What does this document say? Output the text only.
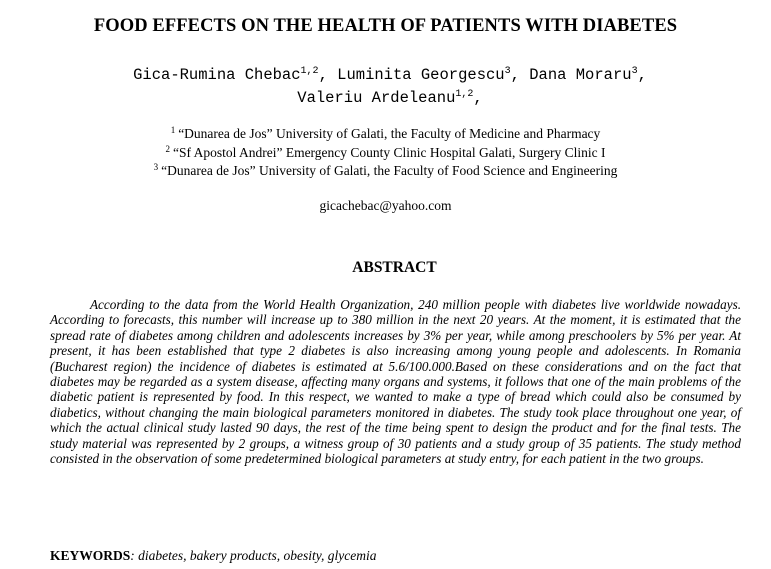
FOOD EFFECTS ON THE HEALTH OF PATIENTS WITH DIABETES
Gica-Rumina Chebac$^{1,2}$, Luminita Georgescu$^3$, Dana Moraru$^3$,
Valeriu Ardeleanu$^{1,2}$,
$^1$ “Dunarea de Jos” University of Galati, the Faculty of Medicine and Pharmacy
$^2$ “Sf Apostol Andrei” Emergency County Clinic Hospital Galati, Surgery Clinic I
$^3$ “Dunarea de Jos” University of Galati, the Faculty of Food Science and Engineering
gicachebac@yahoo.com
ABSTRACT

According to the data from the World Health Organization, 240 million people with diabetes live worldwide nowadays. According to forecasts, this number will increase up to 380 million in the next 20 years. At the moment, it is estimated that the spread rate of diabetes among children and adolescents increases by 3% per year, while among preschoolers by 5% per year. At present, it has been established that type 2 diabetes is also increasing among young people and adolescents. In Romania (Bucharest region) the incidence of diabetes is estimated at 5.6/100.000.Based on these considerations and on the fact that diabetes may be regarded as a system disease, affecting many organs and systems, it follows that one of the main problems of the diabetic patient is represented by food. In this respect, we wanted to make a type of bread which could also be consumed by diabetics, without changing the main biological parameters monitored in diabetes. The study took place throughout one year, of which the actual clinical study lasted 90 days, the rest of the time being spent to design the product and for the final tests. The study material was represented by 2 groups, a witness group of 30 patients and a study group of 35 patients. The study method consisted in the observation of some predetermined biological parameters at study entry, for each patient in the two groups.

KEYWORDS: diabetes, bakery products, obesity, glycemia
